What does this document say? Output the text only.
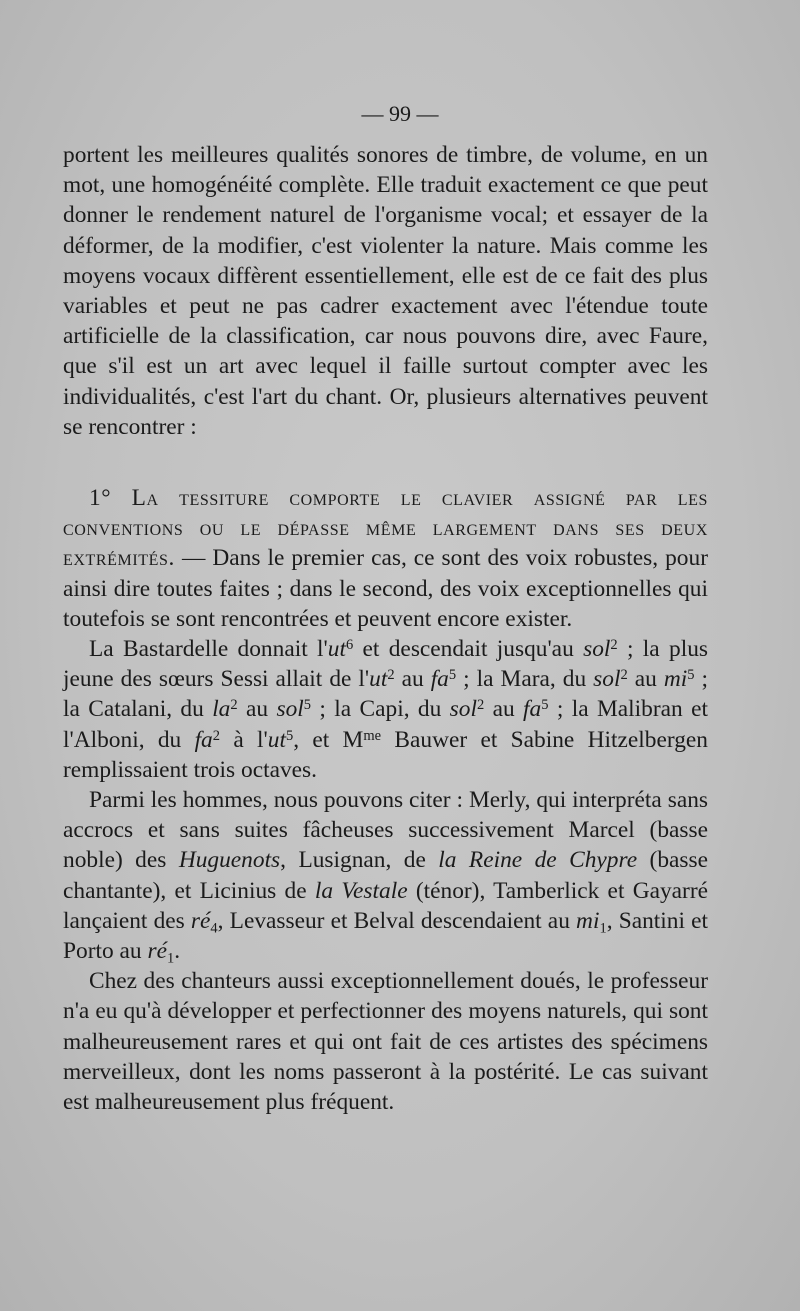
— 99 —

portent les meilleures qualités sonores de timbre, de volume, en un mot, une homogénéité complète. Elle traduit exactement ce que peut donner le rendement naturel de l'organisme vocal; et essayer de la déformer, de la modifier, c'est violenter la nature. Mais comme les moyens vocaux diffèrent essentiellement, elle est de ce fait des plus variables et peut ne pas cadrer exactement avec l'étendue toute artificielle de la classification, car nous pouvons dire, avec Faure, que s'il est un art avec lequel il faille surtout compter avec les individualités, c'est l'art du chant. Or, plusieurs alternatives peuvent se rencontrer :

1° La tessiture comporte le clavier assigné par les conventions ou le dépasse même largement dans ses deux extrémités. — Dans le premier cas, ce sont des voix robustes, pour ainsi dire toutes faites ; dans le second, des voix exceptionnelles qui toutefois se sont rencontrées et peuvent encore exister.

La Bastardelle donnait $l'ut^6$ et descendait jusqu'au sol$^2$ ; la plus jeune des sœurs Sessi allait de $l'ut^2$ au $fa^5$ ; la Mara, du sol$^2$ au $mi^5$ ; la Catalani, du $la^2$ au sol$^5$ ; la Capi, du sol$^2$ au $fa^5$ ; la Malibran et l'Alboni, du $fa^2$ à $l'ut^5$, et $M^{me}$ Bauwer et Sabine Hitzelbergen remplissaient trois octaves.

Parmi les hommes, nous pouvons citer : Merly, qui interpréta sans accrocs et sans suites fâcheuses successivement Marcel (basse noble) des Huguenots, Lusignan, de la Reine de Chypre (basse chantante), et Licinius de la Vestale (ténor), Tamberlick et Gayarré lançaient des $ré_4$, Levasseur et Belval descendaient au $mi_1$, Santini et Porto au $ré_1$.

Chez des chanteurs aussi exceptionnellement doués, le professeur n'a eu qu'à développer et perfectionner des moyens naturels, qui sont malheureusement rares et qui ont fait de ces artistes des spécimens merveilleux, dont les noms passeront à la postérité. Le cas suivant est malheureusement plus fréquent.
